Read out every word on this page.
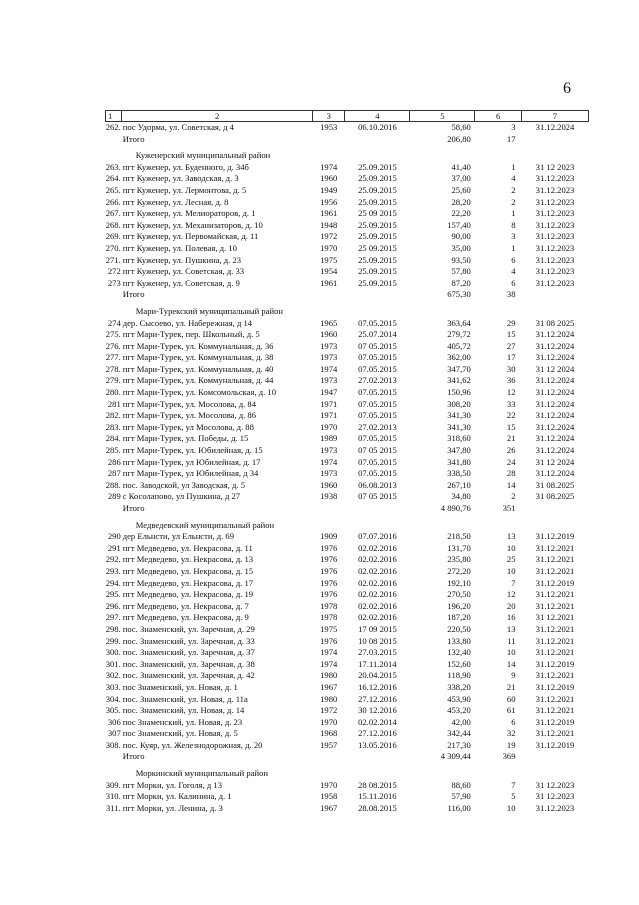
6
1	2	3	4	5	6	7
262.	пос Удорма, ул. Советская, д 4	1953	06.10.2016	58,60	3	31.12.2024
	Итого			206,80	17	

	Куженерский муниципальный район					
263.	пгт Куженер, ул. Буденного, д. 34б	1974	25.09.2015	41,40	1	31 12 2023
264.	пгт Куженер, ул. Заводская, д. 3	1960	25.09.2015	37,00	4	31.12.2023
265.	пгт Куженер, ул. Лермонтова, д. 5	1949	25.09.2015	25,60	2	31.12.2023
266.	пгт Куженер, ул. Лесная, д. 8	1956	25.09.2015	28,20	2	31.12.2023
267.	пгт Куженер, ул. Мелиораторов, д. 1	1961	25 09 2015	22,20	1	31.12.2023
268.	пгт Куженер, ул. Механизаторов, д. 10	1948	25.09.2015	157,40	8	31.12.2023
269.	пгт Куженер, ул. Первомайская, д. 11	1972	25.09.2015	90,00	3	31.12.2023
270.	пгт Куженер, ул. Полевая, д. 10	1970	25 09.2015	35,00	1	31.12.2023
271.	пгт Куженер, ул. Пушкина, д. 23	1975	25.09.2015	93,50	6	31.12.2023
272	пгт Куженер, ул. Советская, д. 33	1954	25.09.2015	57,80	4	31.12.2023
273	пгт Куженер, ул. Советская, д. 9	1961	25.09.2015	87,20	6	31.12.2023
	Итого			675,30	38	

	Мари-Турекский муниципальный район					
274	дер. Сысоево, ул. Набережная, д 14	1965	07.05.2015	363,64	29	31 08 2025
275.	пгт Мари-Турек, пер. Школьный, д. 5	1960	25.07.2014	279,72	15	31.12.2024
276.	пгт Мари-Турек, ул. Коммунальная, д. 36	1973	07 05.2015	405,72	27	31.12.2024
277.	пгт Мари-Турек, ул. Коммунальная, д. 38	1973	07.05.2015	362,00	17	31.12.2024
278.	пгт Мари-Турек, ул. Коммунальная, д. 40	1974	07.05.2015	347,70	30	31 12 2024
279.	пгт Мари-Турек, ул. Коммунальная, д. 44	1973	27.02.2013	341,62	36	31.12.2024
280.	пгт Мари-Турек, ул. Комсомольская, д. 10	1947	07.05.2015	150,96	12	31.12.2024
281	пгт Мари-Турек, ул. Мосолова, д. 84	1971	07.05.2015	308,20	33	31.12.2024
282.	пгт Мари-Турек, ул. Мосолова, д. 86	1971	07.05.2015	341,30	22	31.12.2024
283.	пгт Мари-Турек, ул Мосолова, д. 88	1970	27.02.2013	341,30	15	31.12.2024
284.	пгт Мари-Турек, ул. Победы, д. 15	1989	07.05.2015	318,60	21	31.12.2024
285.	пгт Мари-Турек, ул. Юбилейная, д. 15	1973	07 05 2015	347,80	26	31.12.2024
286	пгт Мари-Турек, ул Юбилейная, д. 17	1974	07.05.2015	341,80	24	31 12 2024
287	пгт Мари-Турек, ул Юбилейная, д 34	1973	07.05.2015	338,50	28	31.12.2024
288.	пос. Заводской, ул Заводская, д. 5	1960	06.08.2013	267,10	14	31 08.2025
289	с Косолапово, ул Пушкина, д 27	1938	07 05 2015	34,80	2	31 08.2025
	Итого			4 890,76	351	

	Медведевский муниципальный район					
290	дер Ельнсти, ул Ельнсти, д. 69	1909	07.07.2016	218,50	13	31.12.2019
291	пгт Медведево, ул. Некрасова, д. 11	1976	02.02.2016	131,70	10	31.12.2021
292.	пгт Медведево, ул. Некрасова, д. 13	1976	02.02.2016	235,80	25	31.12.2021
293.	пгт Медведево, ул. Некрасова, д. 15	1976	02.02.2016	272,20	10	31.12.2021
294.	пгт Медведево, ул. Некрасова, д. 17	1976	02.02.2016	192,10	7	31.12.2019
295.	пгт Медведево, ул. Некрасова, д. 19	1976	02.02.2016	270,50	12	31.12.2021
296.	пгт Медведево, ул. Некрасова, д. 7	1978	02.02.2016	196,20	20	31.12.2021
297.	пгт Медведево, ул. Некрасова, д. 9	1978	02.02.2016	187,20	16	31 12.2021
298.	пос. Знаменский, ул. Заречная, д. 29	1975	17 09 2015	220,50	13	31.12.2021
299.	пос. Знаменский, ул. Заречная, д. 33	1976	10 08 2015	133,80	11	31.12.2021
300.	пос. Знаменский, ул. Заречная, д. 37	1974	27.03.2015	132,40	10	31.12.2021
301.	пос. Знаменский, ул. Заречная, д. 38	1974	17.11.2014	152,60	14	31.12.2019
302.	пос. Знаменский, ул. Заречная, д. 42	1980	20.04.2015	118,90	9	31.12.2021
303.	пос Знаменский, ул. Новая, д. 1	1967	16.12.2016	338,20	21	31.12.2019
304.	пос. Знаменский, ул. Новая, д. 11а	1980	27.12.2016	453,90	60	31.12.2021
305.	пос. Знаменский, ул. Новая, д. 14	1972	30 12.2016	453,20	61	31.12.2021
306	пос Знаменский, ул. Новая, д. 23	1970	02.02.2014	42,00	6	31.12.2019
307	пос Знаменский, ул. Новая, д. 5	1968	27.12.2016	342,44	32	31.12.2021
308.	пос. Куяр, ул. Железнодорожная, д. 20	1957	13.05.2016	217,30	19	31.12.2019
	Итого			4 309,44	369	

	Моркинский муниципальный район					
309.	пгт Морки, ул. Гоголя, д 13	1970	28 08.2015	88,60	7	31 12.2023
310.	пгт Морки, ул. Калинина, д. 1	1958	15.11.2016	57,90	5	31 12.2023
311.	пгт Морки, ул. Ленина, д. 3	1967	28.08.2015	116,00	10	31.12.2023
